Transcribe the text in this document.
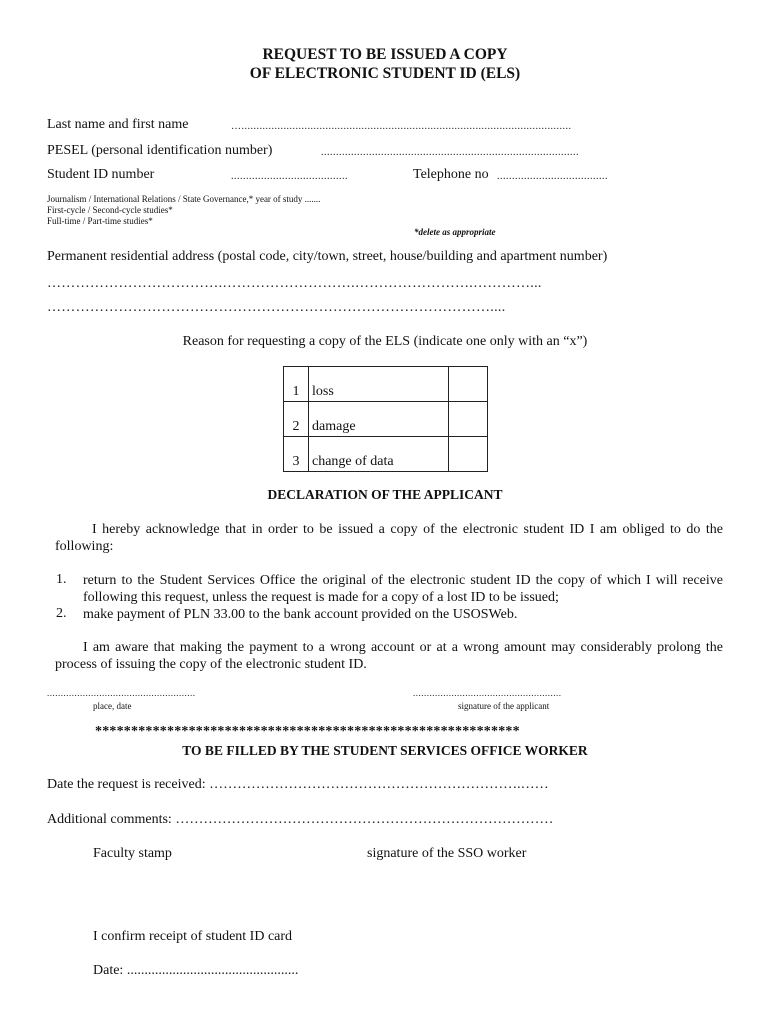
REQUEST TO BE ISSUED A COPY
OF ELECTRONIC STUDENT ID (ELS)
Last name and first name	…..............................................................................................................
PESEL (personal identification number)	......................................................................................
Student ID number	.......................................	Telephone no .....................................
Journalism / International Relations / State Governance,* year of study .......
First-cycle / Second-cycle studies*
Full-time / Part-time studies*
*delete as appropriate
Permanent residential address (postal code, city/town, street, house/building and apartment number)
……………………………….……………………….…………………….…………...
…………………………………………………………………………………....
Reason for requesting a copy of the ELS (indicate one only with an “x”)
1	loss	
2	damage	
3	change of data	
DECLARATION OF THE APPLICANT
I hereby acknowledge that in order to be issued a copy of the electronic student ID I am obliged to do the following:
1. return to the Student Services Office the original of the electronic student ID the copy of which I will receive following this request, unless the request is made for a copy of a lost ID to be issued;
2. make payment of PLN 33.00 to the bank account provided on the USOSWeb.
I am aware that making the payment to a wrong account or at a wrong amount may considerably prolong the process of issuing the copy of the electronic student ID.
......................................................
place, date
......................................................
signature of the applicant
***********************************************************
TO BE FILLED BY THE STUDENT SERVICES OFFICE WORKER
Date the request is received: ………………………………………………………….……
Additional comments: ………………………………………………………………………
Faculty stamp	signature of the SSO worker
I confirm receipt of student ID card
Date: .................................................
